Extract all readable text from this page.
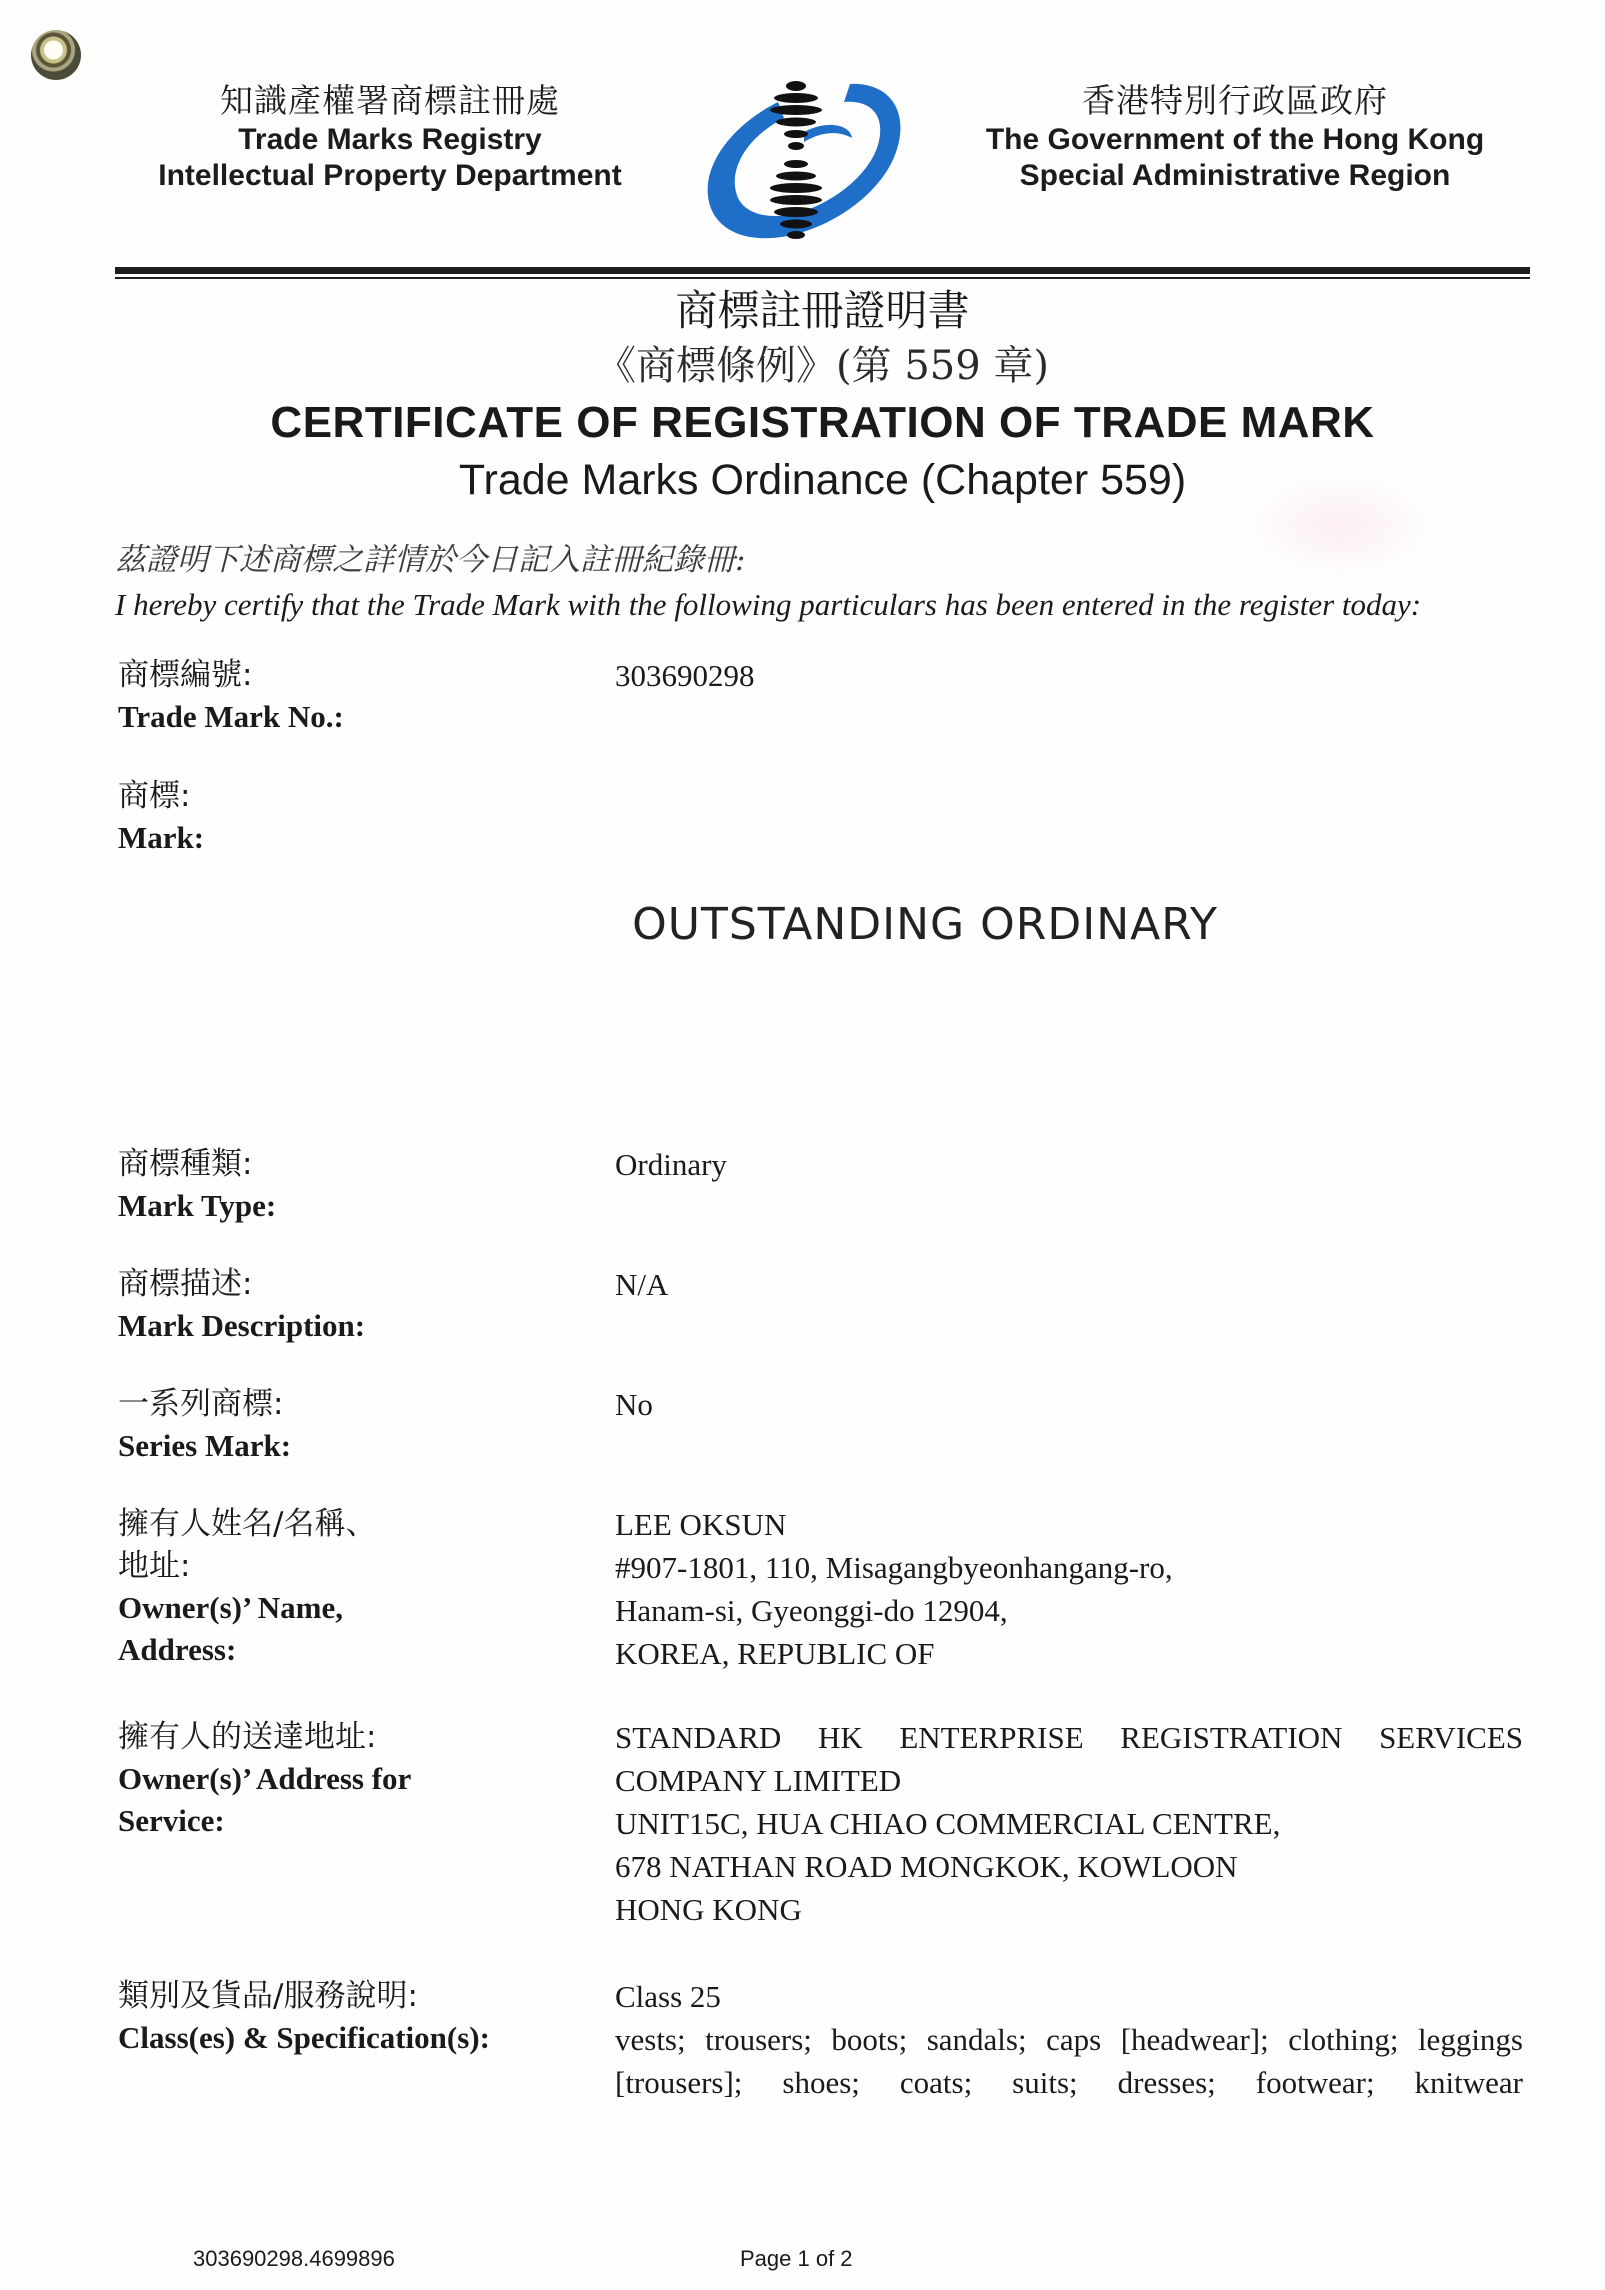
知識產權署商標註冊處
Trade Marks Registry
Intellectual Property Department
香港特別行政區政府
The Government of the Hong Kong
Special Administrative Region
商標註冊證明書
《商標條例》(第 559 章)
CERTIFICATE OF REGISTRATION OF TRADE MARK
Trade Marks Ordinance (Chapter 559)
茲證明下述商標之詳情於今日記入註冊紀錄冊:
I hereby certify that the Trade Mark with the following particulars has been entered in the register today:
商標編號:
Trade Mark No.:
303690298
商標:
Mark:
OUTSTANDING ORDINARY
商標種類:
Mark Type:
Ordinary
商標描述:
Mark Description:
N/A
一系列商標:
Series Mark:
No
擁有人姓名/名稱、
地址:
Owner(s)’ Name,
Address:
LEE OKSUN
#907-1801, 110, Misagangbyeonhangang-ro,
Hanam-si, Gyeonggi-do 12904,
KOREA, REPUBLIC OF
擁有人的送達地址:
Owner(s)’ Address for
Service:
STANDARD HK ENTERPRISE REGISTRATION SERVICES
COMPANY LIMITED
UNIT15C, HUA CHIAO COMMERCIAL CENTRE,
678 NATHAN ROAD MONGKOK, KOWLOON
HONG KONG
類別及貨品/服務說明:
Class(es) & Specification(s):
Class 25
vests; trousers; boots; sandals; caps [headwear]; clothing; leggings
[trousers]; shoes; coats; suits; dresses; footwear; knitwear
303690298.4699896	Page 1 of 2
